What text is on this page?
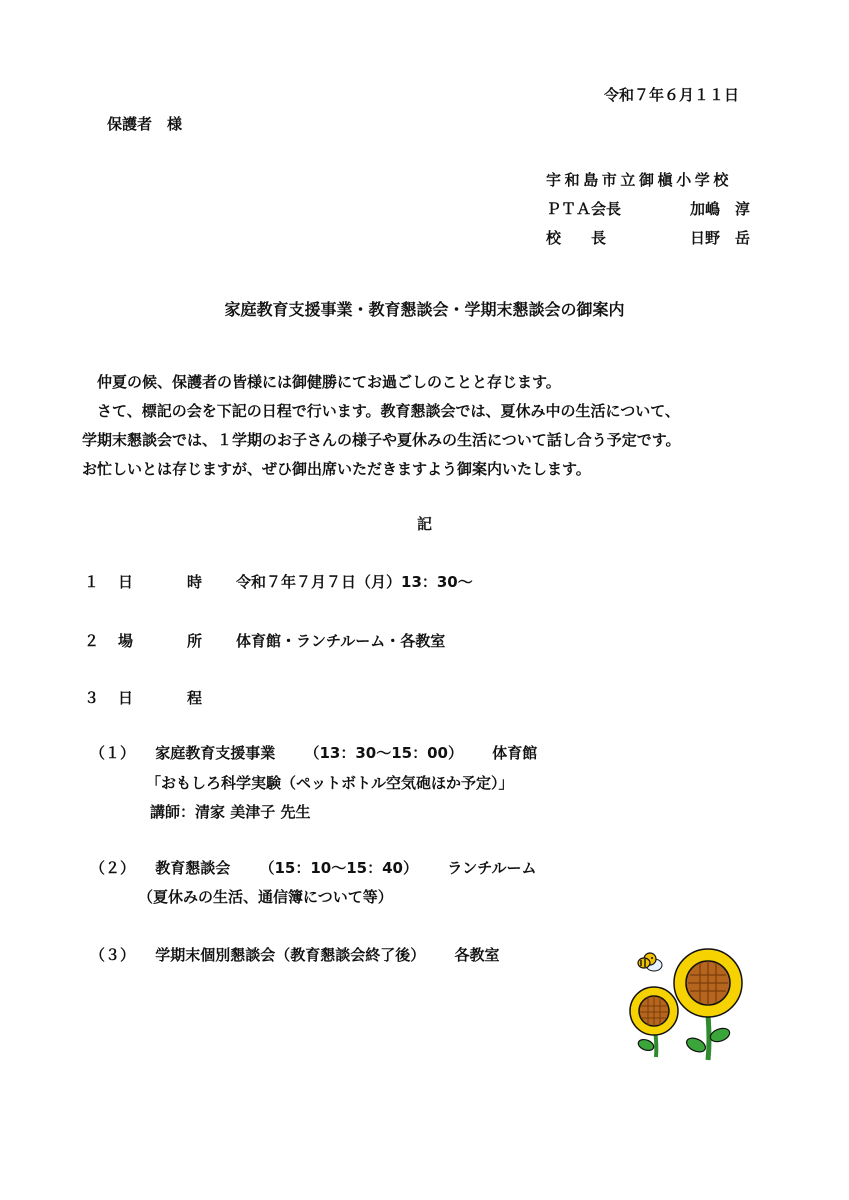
令和７年６月１１日
保護者　様
宇和島市立御槇小学校
ＰＴＡ会長	加嶋　淳
校　　長	日野　岳
家庭教育支援事業・教育懇談会・学期末懇談会の御案内
仲夏の候、保護者の皆様には御健勝にてお過ごしのことと存じます。
さて、標記の会を下記の日程で行います。教育懇談会では、夏休み中の生活について、
学期末懇談会では、１学期のお子さんの様子や夏休みの生活について話し合う予定です。
お忙しいとは存じますが、ぜひ御出席いただきますよう御案内いたします。
記
１	日	時 令和７年７月７日（月）13：30～
２	場	所 体育館・ランチルーム・各教室
３	日	程
（１） 家庭教育支援事業 （13：30～15：00） 体育館
「おもしろ科学実験（ペットボトル空気砲ほか予定）」
講師：清家 美津子 先生
（２） 教育懇談会 （15：10～15：40） ランチルーム
（夏休みの生活、通信簿について等）
（３） 学期末個別懇談会（教育懇談会終了後） 各教室
